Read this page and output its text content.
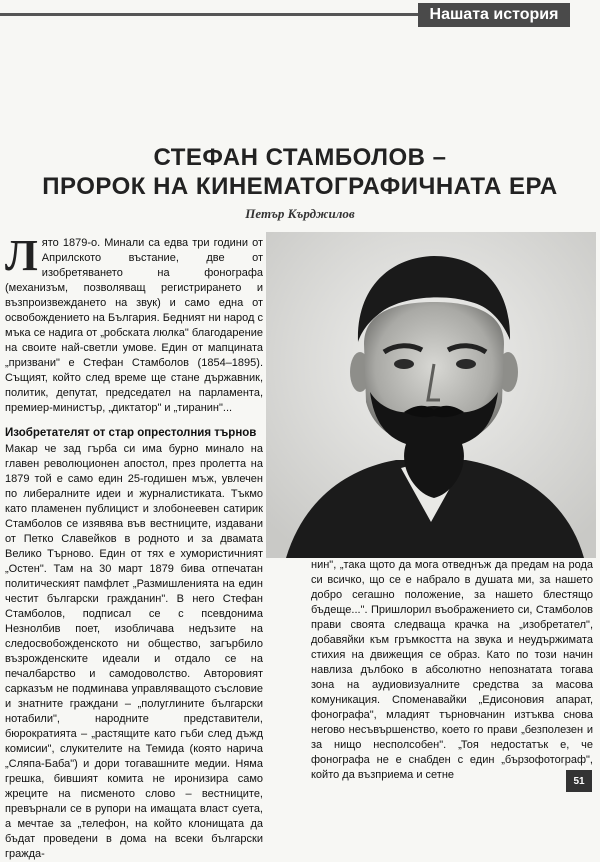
Нашата история
СТЕФАН СТАМБОЛОВ –
ПРОРОК НА КИНЕМАТОГРАФИЧНАТА ЕРА
Петър Кърджилов

Лято 1879-о. Минали са едва три години от Априлското въстание, две от изобретяването на фонографа (механизъм, позволяващ регистрирането и възпроизвеждането на звук) и само една от освобождението на България. Бедният ни народ с мъка се надига от „робската люлка" благодарение на своите най-светли умове. Един от мапцината „призвани" е Стефан Стамболов (1854–1895). Същият, който след време ще стане държавник, политик, депутат, председател на парламента, премиер-министър, „диктатор" и „тиранин"...

Изобретателят от стар опрестолния търнов

Макар че зад гърба си има бурно минало на главен революционен апостол, през пролетта на 1879 той е само един 25-годишен мъж, увлечен по либералните идеи и журналистиката. Тъкмо като пламенен публицист и злобонеевен сатирик Стамболов се изявява във вестниците, издавани от Петко Славейков в родното и за двамата Велико Търново. Един от тях е хумористичният „Остен". Там на 30 март 1879 бива отпечатан политическият памфлет „Размишленията на един честит български гражданин". В него Стефан Стамболов, подписал се с псевдонима Незнолбив поет, изобличава недъзите на следосвобожденското ни общество, загърбило възрожденските идеали и отдало се на печалбарство и самодоволство. Авторовият сарказъм не подминава управляващото съсловие и знатните граждани – „полуглините български нотабили", народните представители, бюрократията – „растящите като гъби след дъжд комисии", слукителите на Темида (която нарича „Сляпа-Баба") и дори тогавашните медии. Няма грешка, бившият комита не иронизира само жреците на писменото слово – вестниците, превърнали се в рупори на имащата власт суета, а мечтае за „телефон, на който клонищата да бъдат проведени в дома на всеки български гражда-

нин", „така щото да мога отведнъж да предам на рода си всичко, що се е набрало в душата ми, за нашето добро сегашно положение, за нашето блестящо бъдеще...". Пришлорил въображението си, Стамболов прави своята следваща крачка на „изобретател", добавяйки към гръмкостта на звука и неудържимата стихия на движещия се образ. Като по този начин навлиза дълбоко в абсолютно непознатата тогава зона на аудиовизуалните средства за масова комуникация. Споменавайки „Едисоновия апарат, фонографа", младият търновчанин изтъква снова негово несъвършенство, което го прави „безполезен и за нищо несполсобен". „Тоя недостатък е, че фонографа не е снабден с един „бързофотограф", който да възприема и сетне	51
